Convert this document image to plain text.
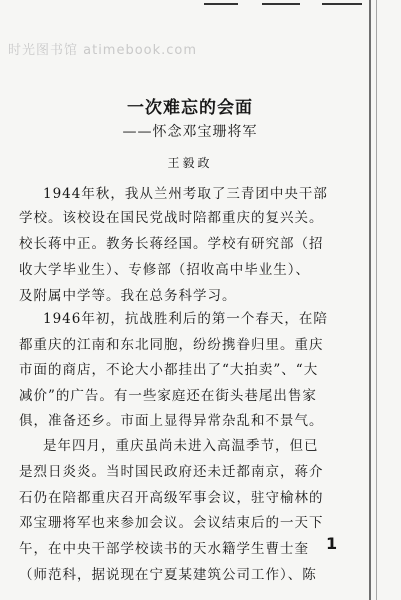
时光图书馆 atimebook.com
一次难忘的会面
——怀念邓宝珊将军
王毅政
1944年秋，我从兰州考取了三青团中央干部
学校。该校设在国民党战时陪都重庆的复兴关。
校长蒋中正。教务长蒋经国。学校有研究部（招
收大学毕业生）、专修部（招收高中毕业生）、
及附属中学等。我在总务科学习。
1946年初，抗战胜利后的第一个春天，在陪
都重庆的江南和东北同胞，纷纷携眷归里。重庆
市面的商店，不论大小都挂出了“大拍卖”、“大
减价”的广告。有一些家庭还在街头巷尾出售家
俱，准备还乡。市面上显得异常杂乱和不景气。
是年四月，重庆虽尚未进入高温季节，但已
是烈日炎炎。当时国民政府还未迁都南京，蒋介
石仍在陪都重庆召开高级军事会议，驻守榆林的
邓宝珊将军也来参加会议。会议结束后的一天下
午，在中央干部学校读书的天水籍学生曹士奎
（师范科，据说现在宁夏某建筑公司工作）、陈
1
